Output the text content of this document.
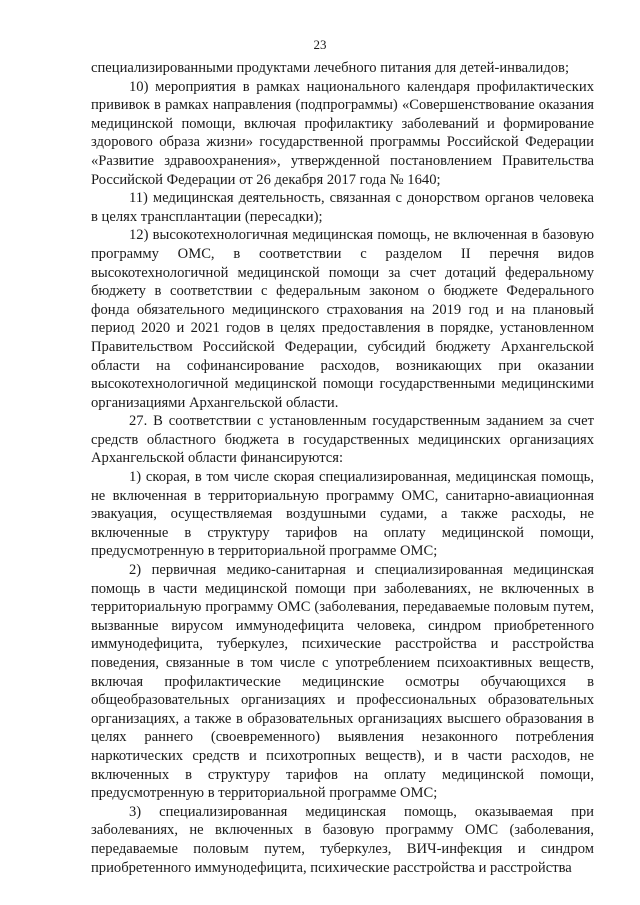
23

специализированными продуктами лечебного питания для детей-инвалидов;

10) мероприятия в рамках национального календаря профилактических прививок в рамках направления (подпрограммы) «Совершенствование оказания медицинской помощи, включая профилактику заболеваний и формирование здорового образа жизни» государственной программы Российской Федерации «Развитие здравоохранения», утвержденной постановлением Правительства Российской Федерации от 26 декабря 2017 года № 1640;

11) медицинская деятельность, связанная с донорством органов человека в целях трансплантации (пересадки);

12) высокотехнологичная медицинская помощь, не включенная в базовую программу ОМС, в соответствии с разделом II перечня видов высокотехнологичной медицинской помощи за счет дотаций федеральному бюджету в соответствии с федеральным законом о бюджете Федерального фонда обязательного медицинского страхования на 2019 год и на плановый период 2020 и 2021 годов в целях предоставления в порядке, установленном Правительством Российской Федерации, субсидий бюджету Архангельской области на софинансирование расходов, возникающих при оказании высокотехнологичной медицинской помощи государственными медицинскими организациями Архангельской области.

27. В соответствии с установленным государственным заданием за счет средств областного бюджета в государственных медицинских организациях Архангельской области финансируются:

1) скорая, в том числе скорая специализированная, медицинская помощь, не включенная в территориальную программу ОМС, санитарно-авиационная эвакуация, осуществляемая воздушными судами, а также расходы, не включенные в структуру тарифов на оплату медицинской помощи, предусмотренную в территориальной программе ОМС;

2) первичная медико-санитарная и специализированная медицинская помощь в части медицинской помощи при заболеваниях, не включенных в территориальную программу ОМС (заболевания, передаваемые половым путем, вызванные вирусом иммунодефицита человека, синдром приобретенного иммунодефицита, туберкулез, психические расстройства и расстройства поведения, связанные в том числе с употреблением психоактивных веществ, включая профилактические медицинские осмотры обучающихся в общеобразовательных организациях и профессиональных образовательных организациях, а также в образовательных организациях высшего образования в целях раннего (своевременного) выявления незаконного потребления наркотических средств и психотропных веществ), и в части расходов, не включенных в структуру тарифов на оплату медицинской помощи, предусмотренную в территориальной программе ОМС;

3) специализированная медицинская помощь, оказываемая при заболеваниях, не включенных в базовую программу ОМС (заболевания, передаваемые половым путем, туберкулез, ВИЧ-инфекция и синдром приобретенного иммунодефицита, психические расстройства и расстройства
